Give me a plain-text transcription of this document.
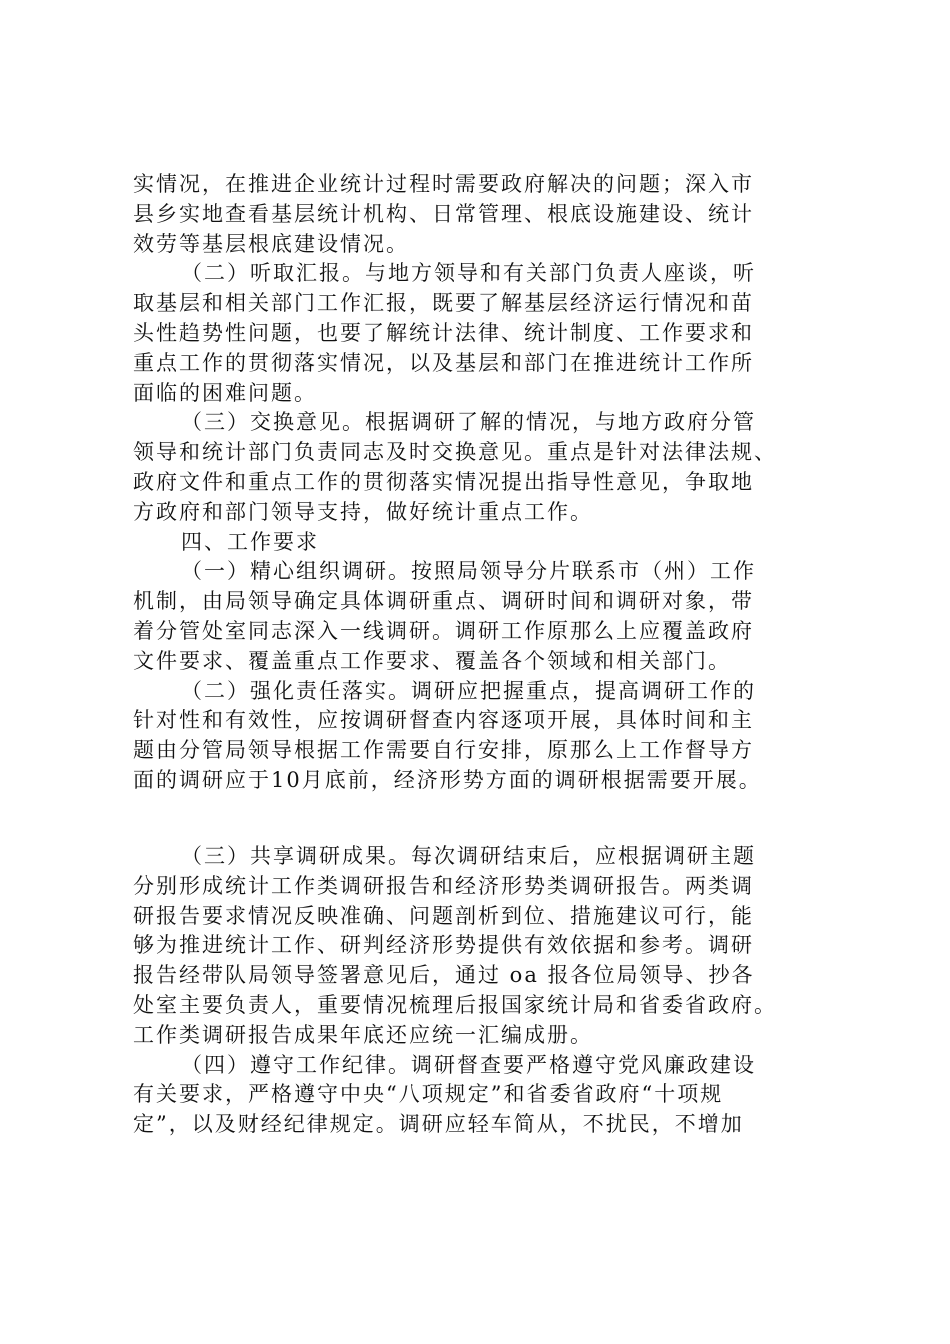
实情况，在推进企业统计过程时需要政府解决的问题；深入市
县乡实地查看基层统计机构、日常管理、根底设施建设、统计
效劳等基层根底建设情况。
（二）听取汇报。与地方领导和有关部门负责人座谈，听
取基层和相关部门工作汇报，既要了解基层经济运行情况和苗
头性趋势性问题，也要了解统计法律、统计制度、工作要求和
重点工作的贯彻落实情况，以及基层和部门在推进统计工作所
面临的困难问题。
（三）交换意见。根据调研了解的情况，与地方政府分管
领导和统计部门负责同志及时交换意见。重点是针对法律法规、
政府文件和重点工作的贯彻落实情况提出指导性意见，争取地
方政府和部门领导支持，做好统计重点工作。
四、工作要求
（一）精心组织调研。按照局领导分片联系市（州）工作
机制，由局领导确定具体调研重点、调研时间和调研对象，带
着分管处室同志深入一线调研。调研工作原那么上应覆盖政府
文件要求、覆盖重点工作要求、覆盖各个领域和相关部门。
（二）强化责任落实。调研应把握重点，提高调研工作的
针对性和有效性，应按调研督查内容逐项开展，具体时间和主
题由分管局领导根据工作需要自行安排，原那么上工作督导方
面的调研应于10月底前，经济形势方面的调研根据需要开展。
（三）共享调研成果。每次调研结束后，应根据调研主题
分别形成统计工作类调研报告和经济形势类调研报告。两类调
研报告要求情况反映准确、问题剖析到位、措施建议可行，能
够为推进统计工作、研判经济形势提供有效依据和参考。调研
报告经带队局领导签署意见后，通过 oa 报各位局领导、抄各
处室主要负责人，重要情况梳理后报国家统计局和省委省政府。
工作类调研报告成果年底还应统一汇编成册。
（四）遵守工作纪律。调研督查要严格遵守党风廉政建设
有关要求，严格遵守中央“八项规定”和省委省政府“十项规
定”，以及财经纪律规定。调研应轻车简从，不扰民，不增加
